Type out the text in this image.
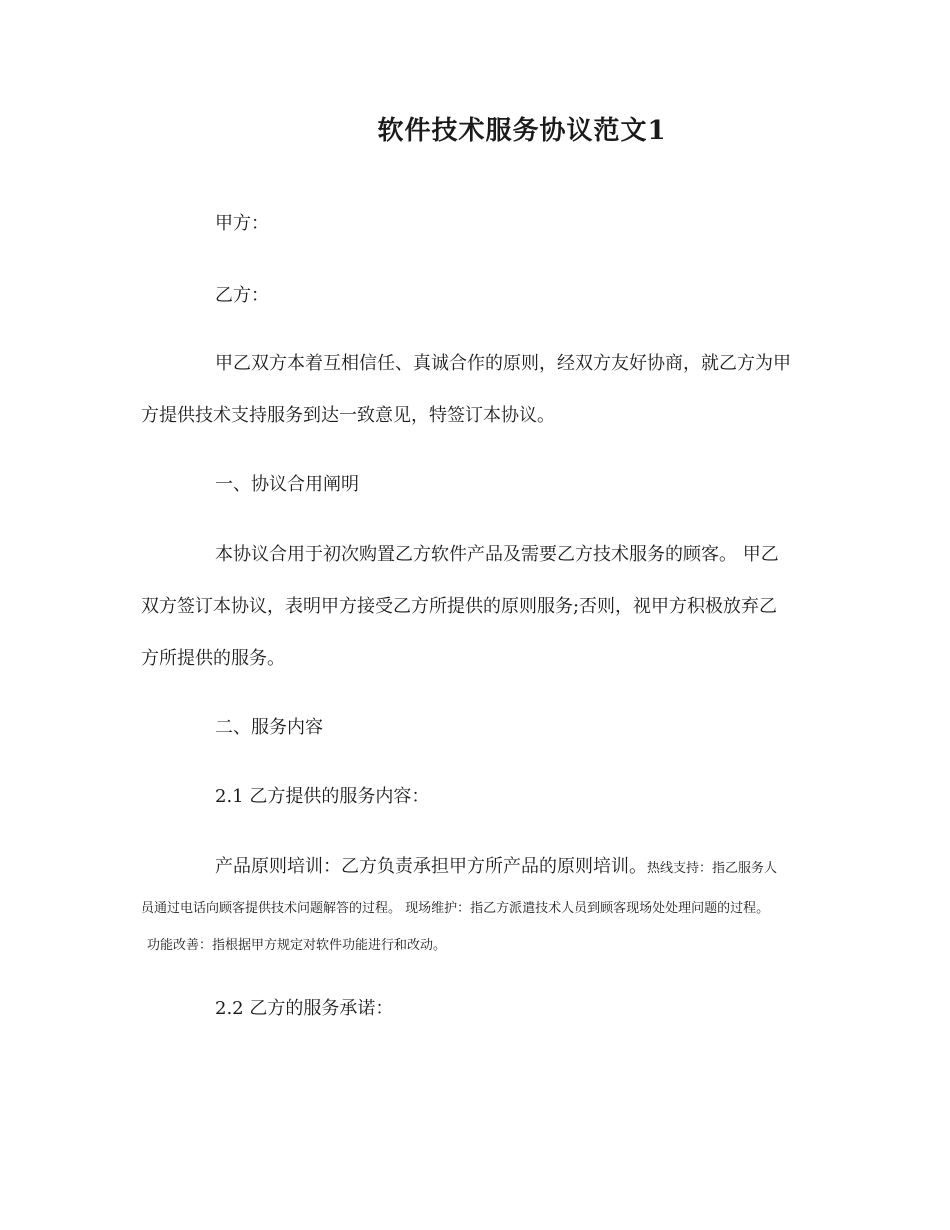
软件技术服务协议范文1
甲方：
乙方：
甲乙双方本着互相信任、真诚合作的原则，经双方友好协商，就乙方为甲
方提供技术支持服务到达一致意见，特签订本协议。
一、协议合用阐明
本协议合用于初次购置乙方软件产品及需要乙方技术服务的顾客。 甲乙
双方签订本协议，表明甲方接受乙方所提供的原则服务;否则，视甲方积极放弃乙
方所提供的服务。
二、服务内容
2.1 乙方提供的服务内容：
产品原则培训：乙方负责承担甲方所产品的原则培训。热线支持：指乙服务人
员通过电话向顾客提供技术问题解答的过程。 现场维护：指乙方派遣技术人员到顾客现场处处理问题的过程。
功能改善：指根据甲方规定对软件功能进行和改动。
2.2 乙方的服务承诺：
